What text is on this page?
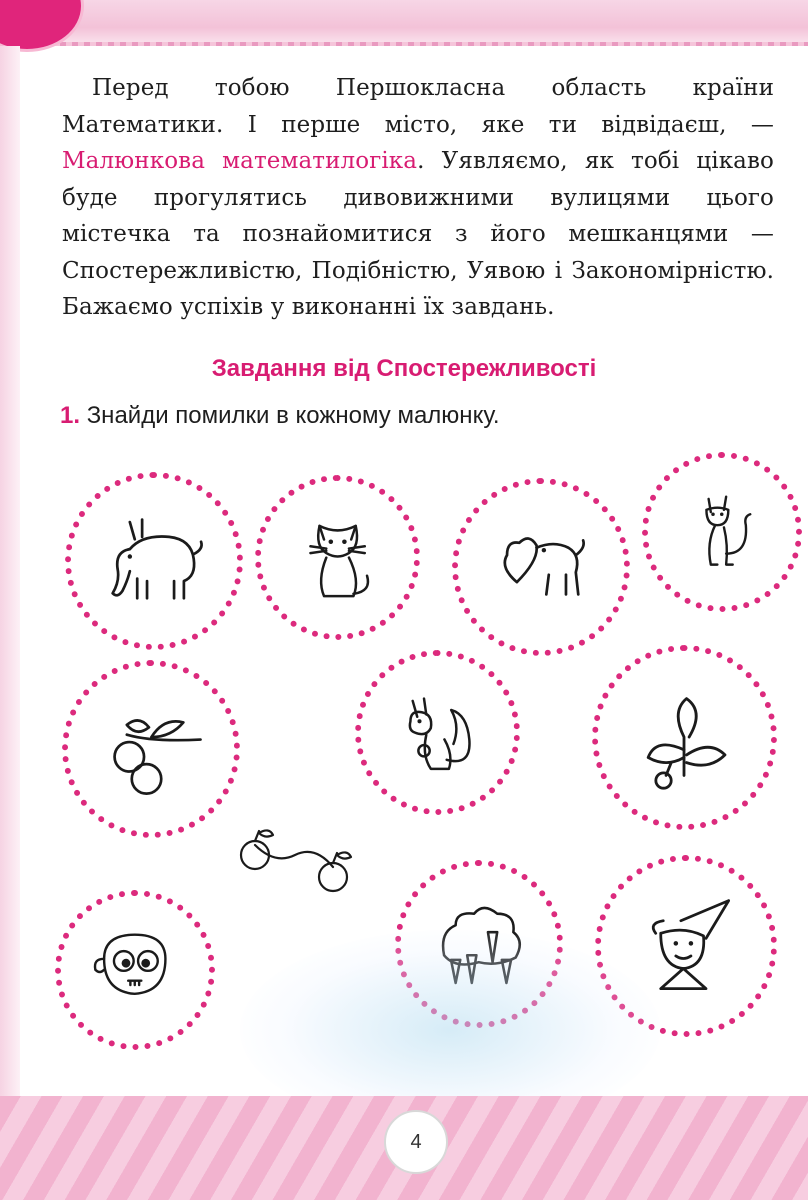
Перед тобою Першокласна область країни Математики. І перше місто, яке ти відвідаєш, — Малюнкова математилогіка. Уявляємо, як тобі цікаво буде прогулятись дивовижними вулицями цього містечка та познайомитися з його мешканцями — Спостережливістю, Подібністю, Уявою і Закономірністю. Бажаємо успіхів у виконанні їх завдань.

Завдання від Спостережливості

1. Знайди помилки в кожному малюнку.

4
